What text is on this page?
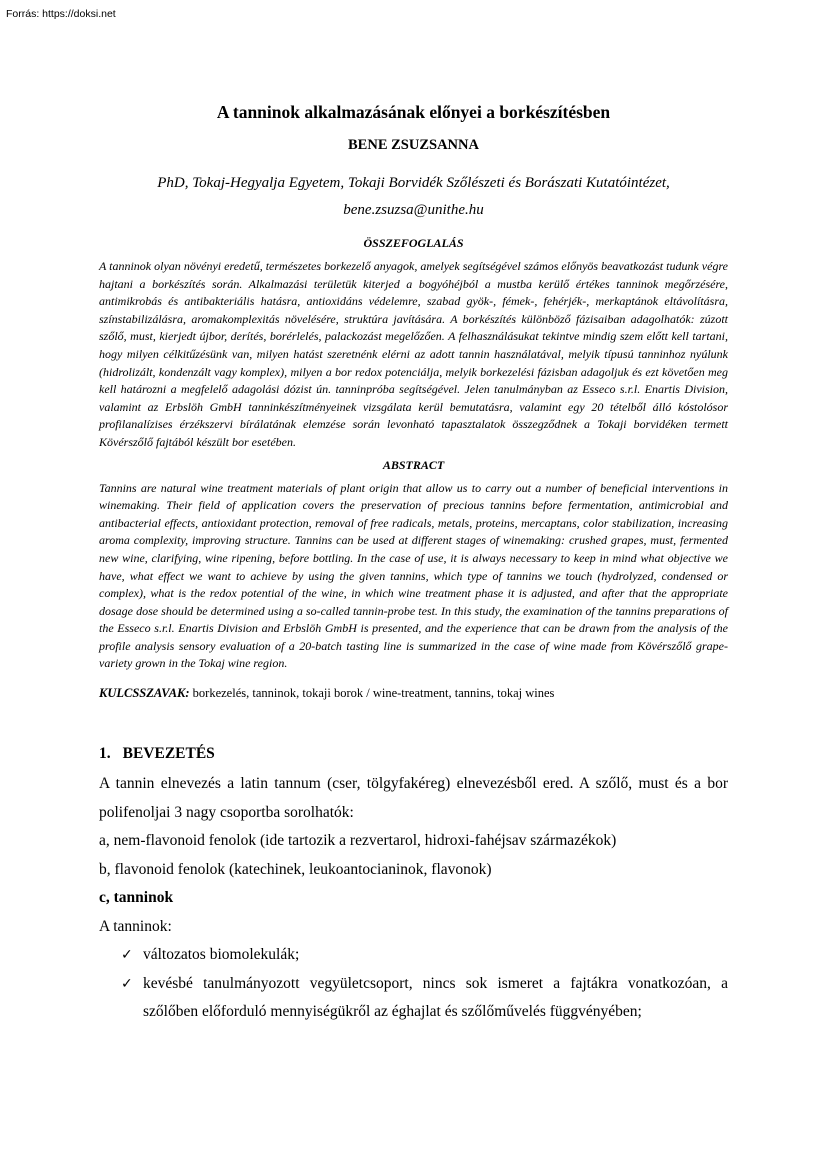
Forrás: https://doksi.net
A tanninok alkalmazásának előnyei a borkészítésben
BENE ZSUZSANNA
PhD, Tokaj-Hegyalja Egyetem, Tokaji Borvidék Szőlészeti és Borászati Kutatóintézet,
bene.zsuzsa@unithe.hu
ÖSSZEFOGLALÁS

A tanninok olyan növényi eredetű, természetes borkezelő anyagok, amelyek segítségével számos előnyös beavatkozást tudunk végre hajtani a borkészítés során. Alkalmazási területük kiterjed a bogyóhéjból a mustba kerülő értékes tanninok megőrzésére, antimikrobás és antibakteriális hatásra, antioxidáns védelemre, szabad gyök-, fémek-, fehérjék-, merkaptánok eltávolításra, színstabilizálásra, aromakomplexitás növelésére, struktúra javítására. A borkészítés különböző fázisaiban adagolhatók: zúzott szőlő, must, kierjedt újbor, derítés, borérlelés, palackozást megelőzően. A felhasználásukat tekintve mindig szem előtt kell tartani, hogy milyen célkitűzésünk van, milyen hatást szeretnénk elérni az adott tannin használatával, melyik típusú tanninhoz nyúlunk (hidrolizált, kondenzált vagy komplex), milyen a bor redox potenciálja, melyik borkezelési fázisban adagoljuk és ezt követően meg kell határozni a megfelelő adagolási dózist ún. tanninpróba segítségével. Jelen tanulmányban az Esseco s.r.l. Enartis Division, valamint az Erbslöh GmbH tanninkészítményeinek vizsgálata kerül bemutatásra, valamint egy 20 tételből álló kóstolósor profilanalízises érzékszervi bírálatának elemzése során levonható tapasztalatok összegződnek a Tokaji borvidéken termett Kövérszőlő fajtából készült bor esetében.

ABSTRACT

Tannins are natural wine treatment materials of plant origin that allow us to carry out a number of beneficial interventions in winemaking. Their field of application covers the preservation of precious tannins before fermentation, antimicrobial and antibacterial effects, antioxidant protection, removal of free radicals, metals, proteins, mercaptans, color stabilization, increasing aroma complexity, improving structure. Tannins can be used at different stages of winemaking: crushed grapes, must, fermented new wine, clarifying, wine ripening, before bottling. In the case of use, it is always necessary to keep in mind what objective we have, what effect we want to achieve by using the given tannins, which type of tannins we touch (hydrolyzed, condensed or complex), what is the redox potential of the wine, in which wine treatment phase it is adjusted, and after that the appropriate dosage dose should be determined using a so-called tannin-probe test. In this study, the examination of the tannins preparations of the Esseco s.r.l. Enartis Division and Erbslöh GmbH is presented, and the experience that can be drawn from the analysis of the profile analysis sensory evaluation of a 20-batch tasting line is summarized in the case of wine made from Kövérszőlő grape-variety grown in the Tokaj wine region.

KULCSSZAVAK: borkezelés, tanninok, tokaji borok / wine-treatment, tannins, tokaj wines
1. BEVEZETÉS
A tannin elnevezés a latin tannum (cser, tölgyfakéreg) elnevezésből ered. A szőlő, must és a bor polifenoljai 3 nagy csoportba sorolhatók:
a, nem-flavonoid fenolok (ide tartozik a rezvertarol, hidroxi-fahéjsav származékok)
b, flavonoid fenolok (katechinek, leukoantocianinok, flavonok)
c, tanninok
A tanninok:
✓ változatos biomolekulák;
✓ kevésbé tanulmányozott vegyületcsoport, nincs sok ismeret a fajtákra vonatkozóan, a szőlőben előforduló mennyiségükről az éghajlat és szőlőművelés függvényében;
